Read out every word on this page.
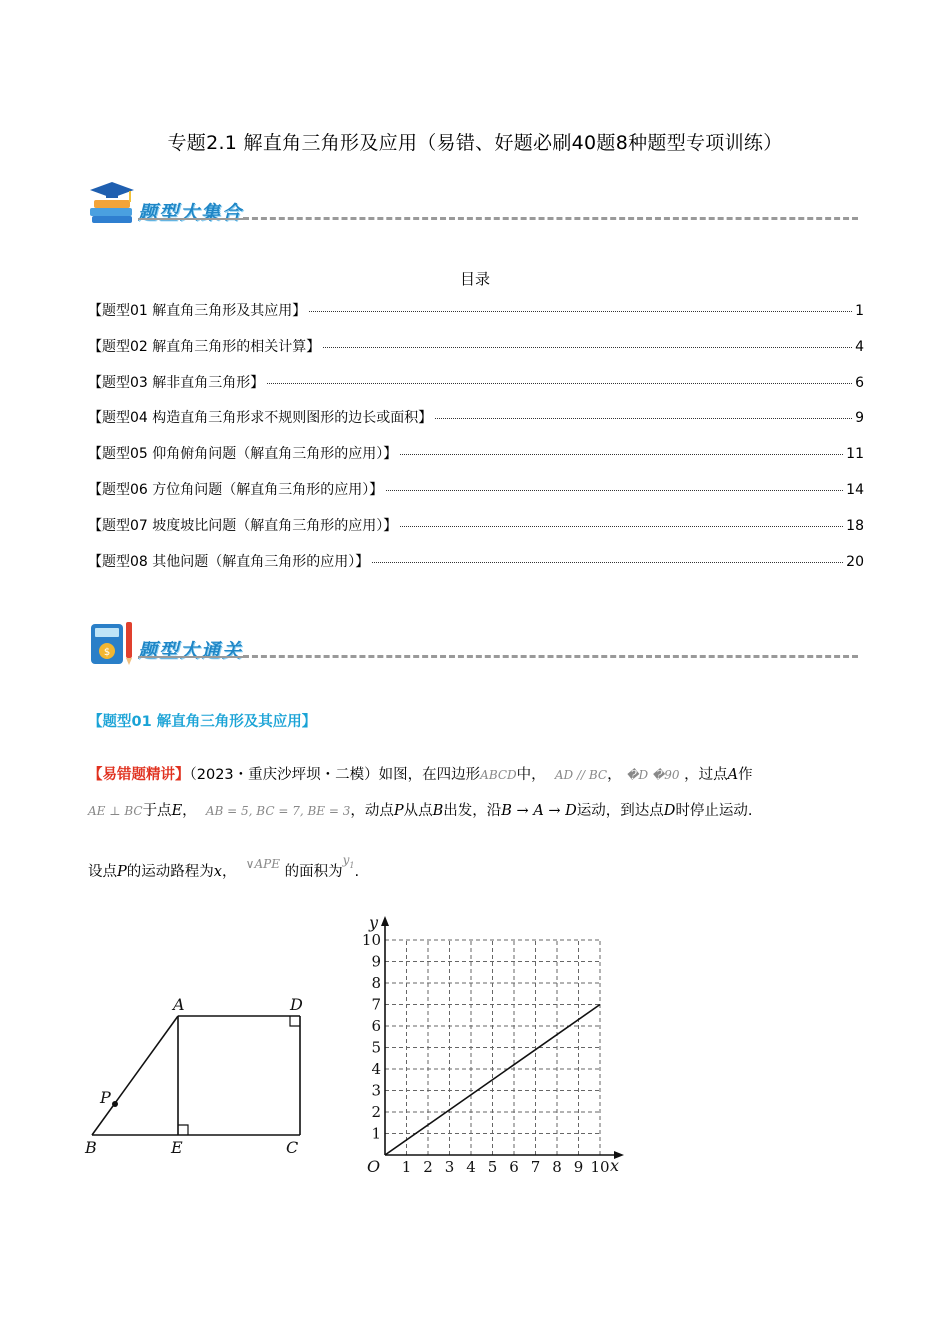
专题2.1 解直角三角形及应用（易错、好题必刷40题8种题型专项训练）
题型大集合
目录
【题型01 解直角三角形及其应用】	1
【题型02 解直角三角形的相关计算】	4
【题型03 解非直角三角形】	6
【题型04 构造直角三角形求不规则图形的边长或面积】	9
【题型05 仰角俯角问题（解直角三角形的应用）】	11
【题型06 方位角问题（解直角三角形的应用）】	14
【题型07 坡度坡比问题（解直角三角形的应用）】	18
【题型08 其他问题（解直角三角形的应用）】	20
$ 题型大通关
【题型01 解直角三角形及其应用】
【易错题精讲】（2023・重庆沙坪坝・二模）如图，在四边形ABCD中， AD // BC， �D �90 ，过点A作
AE ⊥ BC于点E， AB = 5, BC = 7, BE = 3，动点P从点B出发，沿B → A → D运动，到达点D时停止运动.
设点P的运动路程为x， $^{\vee APE}$ 的面积为$^y_1$.
A	D
B	E	C
P
1 2 3 4 5 6 7 8 9 10
1
2
3
4
5
6
7
8
9
10
O	x
y
